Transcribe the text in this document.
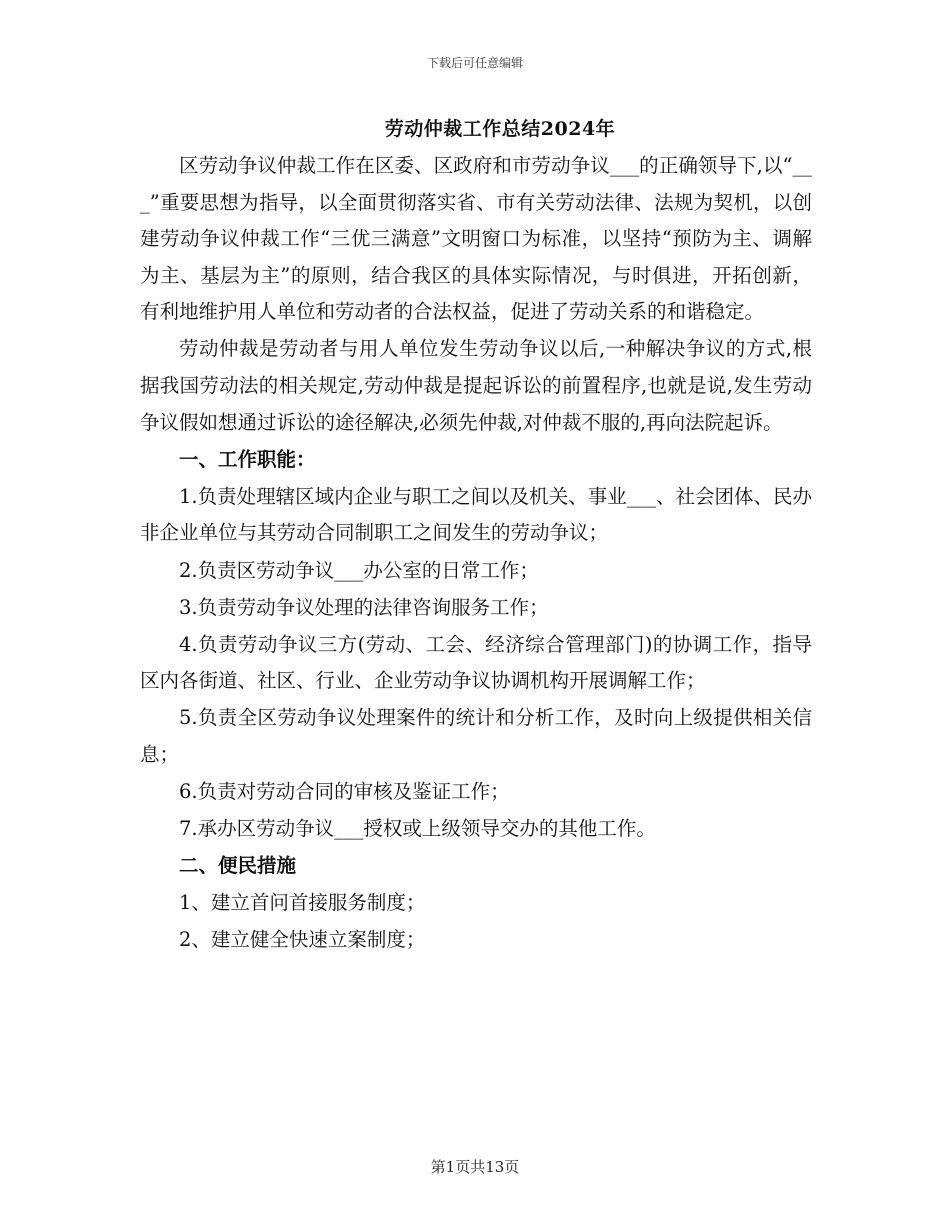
下载后可任意编辑
劳动仲裁工作总结2024年

区劳动争议仲裁工作在区委、区政府和市劳动争议___的正确领导下,以“___”重要思想为指导，以全面贯彻落实省、市有关劳动法律、法规为契机，以创建劳动争议仲裁工作“三优三满意”文明窗口为标准，以坚持“预防为主、调解为主、基层为主”的原则，结合我区的具体实际情况，与时俱进，开拓创新，有利地维护用人单位和劳动者的合法权益，促进了劳动关系的和谐稳定。

劳动仲裁是劳动者与用人单位发生劳动争议以后,一种解决争议的方式,根据我国劳动法的相关规定,劳动仲裁是提起诉讼的前置程序,也就是说,发生劳动争议假如想通过诉讼的途径解决,必须先仲裁,对仲裁不服的,再向法院起诉。

一、工作职能：

1.负责处理辖区域内企业与职工之间以及机关、事业___、社会团体、民办非企业单位与其劳动合同制职工之间发生的劳动争议；

2.负责区劳动争议___办公室的日常工作；

3.负责劳动争议处理的法律咨询服务工作；

4.负责劳动争议三方(劳动、工会、经济综合管理部门)的协调工作，指导区内各街道、社区、行业、企业劳动争议协调机构开展调解工作；

5.负责全区劳动争议处理案件的统计和分析工作，及时向上级提供相关信息；

6.负责对劳动合同的审核及鉴证工作；

7.承办区劳动争议___授权或上级领导交办的其他工作。

二、便民措施

1、建立首问首接服务制度；

2、建立健全快速立案制度；

第1页共13页
